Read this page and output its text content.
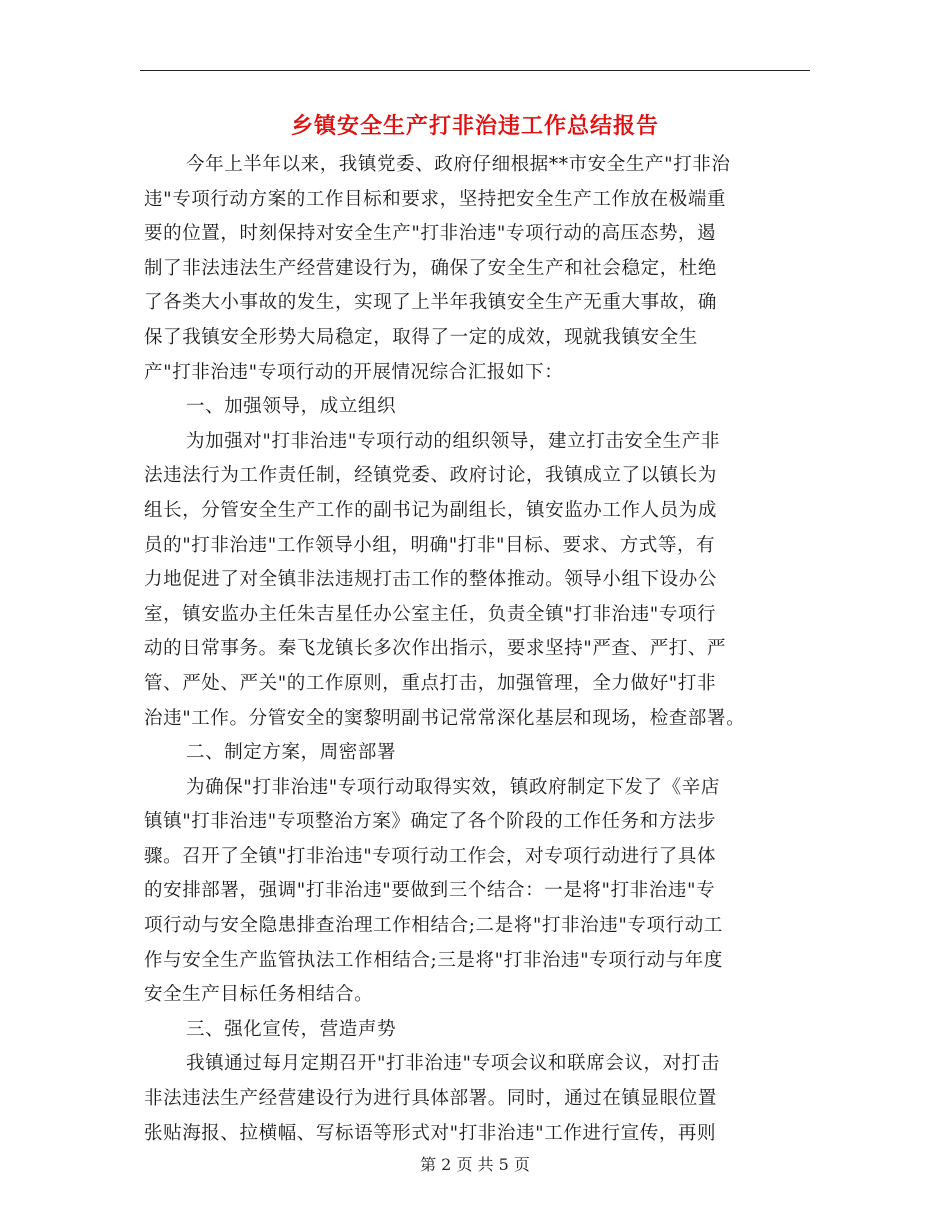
乡镇安全生产打非治违工作总结报告
今年上半年以来，我镇党委、政府仔细根据**市安全生产"打非治
违"专项行动方案的工作目标和要求，坚持把安全生产工作放在极端重
要的位置，时刻保持对安全生产"打非治违"专项行动的高压态势，遏
制了非法违法生产经营建设行为，确保了安全生产和社会稳定，杜绝
了各类大小事故的发生，实现了上半年我镇安全生产无重大事故，确
保了我镇安全形势大局稳定，取得了一定的成效，现就我镇安全生
产"打非治违"专项行动的开展情况综合汇报如下：
一、加强领导，成立组织
为加强对"打非治违"专项行动的组织领导，建立打击安全生产非
法违法行为工作责任制，经镇党委、政府讨论，我镇成立了以镇长为
组长，分管安全生产工作的副书记为副组长，镇安监办工作人员为成
员的"打非治违"工作领导小组，明确"打非"目标、要求、方式等，有
力地促进了对全镇非法违规打击工作的整体推动。领导小组下设办公
室，镇安监办主任朱吉星任办公室主任，负责全镇"打非治违"专项行
动的日常事务。秦飞龙镇长多次作出指示，要求坚持"严查、严打、严
管、严处、严关"的工作原则，重点打击，加强管理，全力做好"打非
治违"工作。分管安全的窦黎明副书记常常深化基层和现场，检查部署。
二、制定方案，周密部署
为确保"打非治违"专项行动取得实效，镇政府制定下发了《辛店
镇镇"打非治违"专项整治方案》确定了各个阶段的工作任务和方法步
骤。召开了全镇"打非治违"专项行动工作会，对专项行动进行了具体
的安排部署，强调"打非治违"要做到三个结合：一是将"打非治违"专
项行动与安全隐患排查治理工作相结合;二是将"打非治违"专项行动工
作与安全生产监管执法工作相结合;三是将"打非治违"专项行动与年度
安全生产目标任务相结合。
三、强化宣传，营造声势
我镇通过每月定期召开"打非治违"专项会议和联席会议，对打击
非法违法生产经营建设行为进行具体部署。同时，通过在镇显眼位置
张贴海报、拉横幅、写标语等形式对"打非治违"工作进行宣传，再则
第 2 页 共 5 页
